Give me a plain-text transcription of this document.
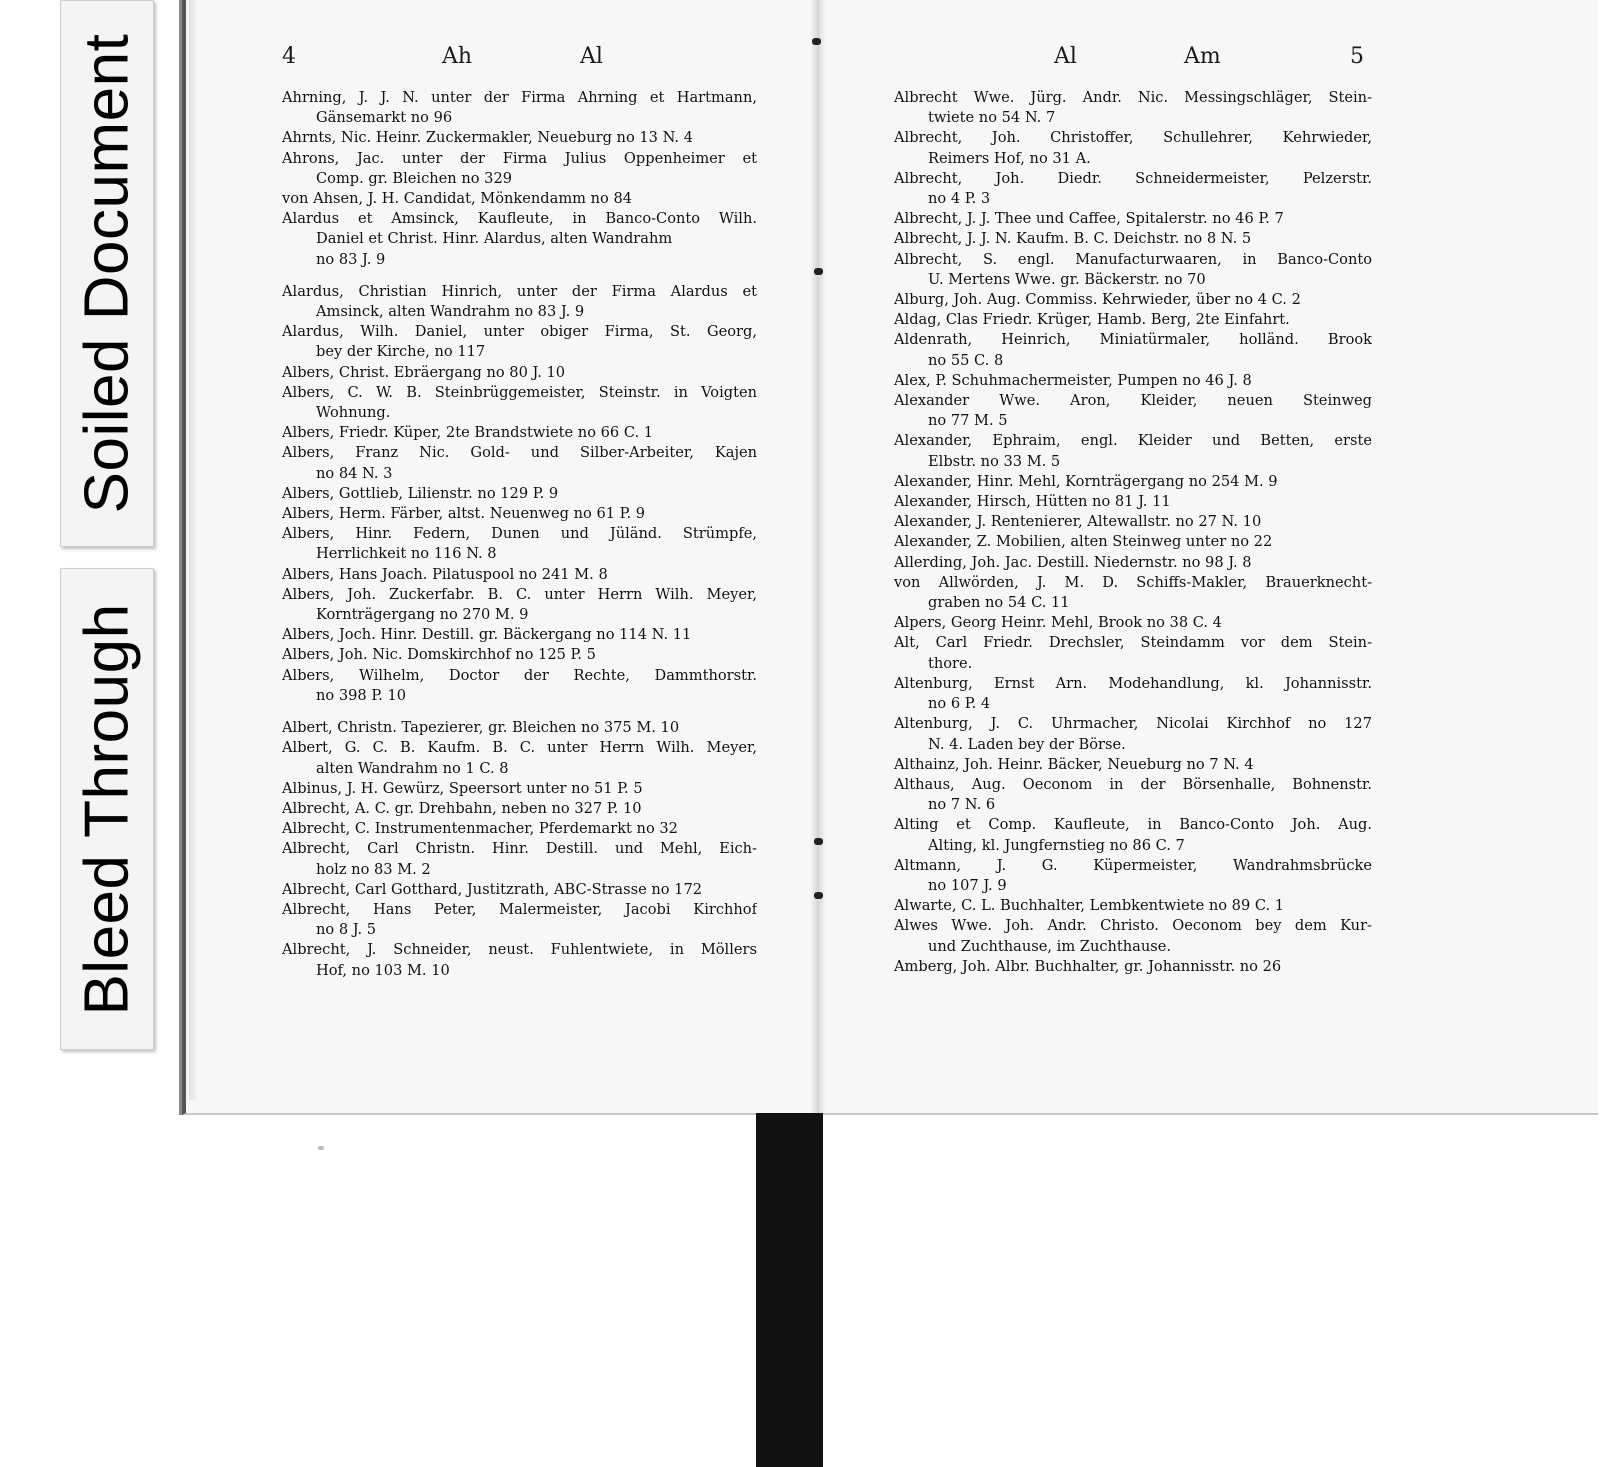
Soiled Document
Bleed Through
4	Ah	Al
Ahrning, J. J. N. unter der Firma Ahrning et Hartmann,
Gänsemarkt no 96
Ahrnts, Nic. Heinr. Zuckermakler, Neueburg no 13 N. 4
Ahrons, Jac. unter der Firma Julius Oppenheimer et
Comp. gr. Bleichen no 329
von Ahsen, J. H. Candidat, Mönkendamm no 84
Alardus et Amsinck, Kaufleute, in Banco-Conto Wilh.
Daniel et Christ. Hinr. Alardus, alten Wandrahm
no 83 J. 9
Alardus, Christian Hinrich, unter der Firma Alardus et
Amsinck, alten Wandrahm no 83 J. 9
Alardus, Wilh. Daniel, unter obiger Firma, St. Georg,
bey der Kirche, no 117
Albers, Christ. Ebräergang no 80 J. 10
Albers, C. W. B. Steinbrüggemeister, Steinstr. in Voigten
Wohnung.
Albers, Friedr. Küper, 2te Brandstwiete no 66 C. 1
Albers, Franz Nic. Gold- und Silber-Arbeiter, Kajen
no 84 N. 3
Albers, Gottlieb, Lilienstr. no 129 P. 9
Albers, Herm. Färber, altst. Neuenweg no 61 P. 9
Albers, Hinr. Federn, Dunen und Jüländ. Strümpfe,
Herrlichkeit no 116 N. 8
Albers, Hans Joach. Pilatuspool no 241 M. 8
Albers, Joh. Zuckerfabr. B. C. unter Herrn Wilh. Meyer,
Kornträgergang no 270 M. 9
Albers, Joch. Hinr. Destill. gr. Bäckergang no 114 N. 11
Albers, Joh. Nic. Domskirchhof no 125 P. 5
Albers, Wilhelm, Doctor der Rechte, Dammthorstr.
no 398 P. 10
Albert, Christn. Tapezierer, gr. Bleichen no 375 M. 10
Albert, G. C. B. Kaufm. B. C. unter Herrn Wilh. Meyer,
alten Wandrahm no 1 C. 8
Albinus, J. H. Gewürz, Speersort unter no 51 P. 5
Albrecht, A. C. gr. Drehbahn, neben no 327 P. 10
Albrecht, C. Instrumentenmacher, Pferdemarkt no 32
Albrecht, Carl Christn. Hinr. Destill. und Mehl, Eich-
holz no 83 M. 2
Albrecht, Carl Gotthard, Justitzrath, ABC-Strasse no 172
Albrecht, Hans Peter, Malermeister, Jacobi Kirchhof
no 8 J. 5
Albrecht, J. Schneider, neust. Fuhlentwiete, in Möllers
Hof, no 103 M. 10
Al	Am	5
Albrecht Wwe. Jürg. Andr. Nic. Messingschläger, Stein-
twiete no 54 N. 7
Albrecht, Joh. Christoffer, Schullehrer, Kehrwieder,
Reimers Hof, no 31 A.
Albrecht, Joh. Diedr. Schneidermeister, Pelzerstr.
no 4 P. 3
Albrecht, J. J. Thee und Caffee, Spitalerstr. no 46 P. 7
Albrecht, J. J. N. Kaufm. B. C. Deichstr. no 8 N. 5
Albrecht, S. engl. Manufacturwaaren, in Banco-Conto
U. Mertens Wwe. gr. Bäckerstr. no 70
Alburg, Joh. Aug. Commiss. Kehrwieder, über no 4 C. 2
Aldag, Clas Friedr. Krüger, Hamb. Berg, 2te Einfahrt.
Aldenrath, Heinrich, Miniatürmaler, holländ. Brook
no 55 C. 8
Alex, P. Schuhmachermeister, Pumpen no 46 J. 8
Alexander Wwe. Aron, Kleider, neuen Steinweg
no 77 M. 5
Alexander, Ephraim, engl. Kleider und Betten, erste
Elbstr. no 33 M. 5
Alexander, Hinr. Mehl, Kornträgergang no 254 M. 9
Alexander, Hirsch, Hütten no 81 J. 11
Alexander, J. Rentenierer, Altewallstr. no 27 N. 10
Alexander, Z. Mobilien, alten Steinweg unter no 22
Allerding, Joh. Jac. Destill. Niedernstr. no 98 J. 8
von Allwörden, J. M. D. Schiffs-Makler, Brauerknecht-
graben no 54 C. 11
Alpers, Georg Heinr. Mehl, Brook no 38 C. 4
Alt, Carl Friedr. Drechsler, Steindamm vor dem Stein-
thore.
Altenburg, Ernst Arn. Modehandlung, kl. Johannisstr.
no 6 P. 4
Altenburg, J. C. Uhrmacher, Nicolai Kirchhof no 127
N. 4. Laden bey der Börse.
Althainz, Joh. Heinr. Bäcker, Neueburg no 7 N. 4
Althaus, Aug. Oeconom in der Börsenhalle, Bohnenstr.
no 7 N. 6
Alting et Comp. Kaufleute, in Banco-Conto Joh. Aug.
Alting, kl. Jungfernstieg no 86 C. 7
Altmann, J. G. Küpermeister, Wandrahmsbrücke
no 107 J. 9
Alwarte, C. L. Buchhalter, Lembkentwiete no 89 C. 1
Alwes Wwe. Joh. Andr. Christo. Oeconom bey dem Kur-
und Zuchthause, im Zuchthause.
Amberg, Joh. Albr. Buchhalter, gr. Johannisstr. no 26
